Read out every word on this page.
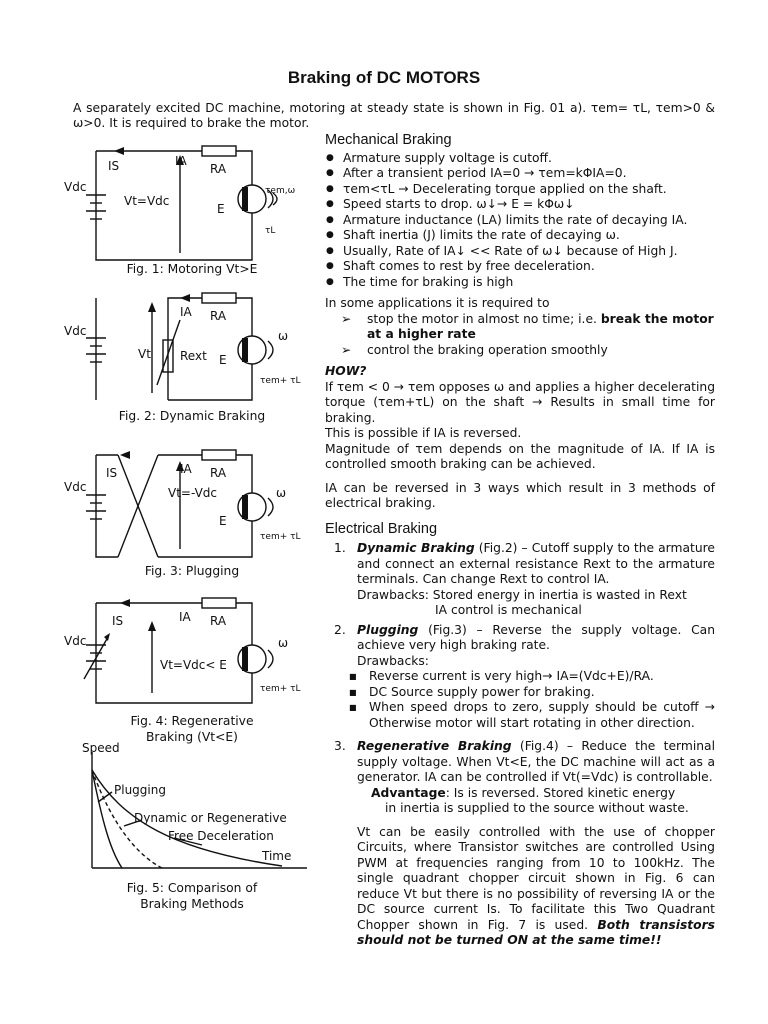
Braking of DC MOTORS
A separately excited DC machine, motoring at steady state is shown in Fig. 01 a). τem= τL, τem>0 & ω>0. It is required to brake the motor.
IS	IA
RA
Vdc
Vt=Vdc
E
τem,ω
τL
Fig. 1: Motoring Vt>E
IA RA
Vdc
Vt Rext E
ω
τem+ τL
Fig. 2: Dynamic Braking
IS	IA RA
Vdc	Vt=-Vdc
E
ω
τem+ τL
Fig. 3: Plugging
IS	IA RA
Vdc
Vt=Vdc< E
ω
τem+ τL
Fig. 4: Regenerative
Braking (Vt<E)
Speed
Time
Plugging
Dynamic or Regenerative
Free Deceleration
Fig. 5: Comparison of
Braking Methods
Mechanical Braking
● Armature supply voltage is cutoff.
● After a transient period IA=0 → τem=kΦIA=0.
● τem<τL → Decelerating torque applied on the shaft.
● Speed starts to drop. ω↓→ E = kΦω↓
● Armature inductance (LA) limits the rate of decaying IA.
● Shaft inertia (J) limits the rate of decaying ω.
● Usually, Rate of IA↓ << Rate of ω↓ because of High J.
● Shaft comes to rest by free deceleration.
● The time for braking is high
In some applications it is required to
➢ stop the motor in almost no time; i.e. break the motor at a higher rate
➢ control the braking operation smoothly
HOW?
If τem < 0 → τem opposes ω and applies a higher decelerating torque (τem+τL) on the shaft → Results in small time for braking.
This is possible if IA is reversed.
Magnitude of τem depends on the magnitude of IA. If IA is controlled smooth braking can be achieved.
IA can be reversed in 3 ways which result in 3 methods of electrical braking.
Electrical Braking
1. Dynamic Braking (Fig.2) – Cutoff supply to the armature and connect an external resistance Rext to the armature terminals. Can change Rext to control IA.
Drawbacks: Stored energy in inertia is wasted in Rext
IA control is mechanical
2. Plugging (Fig.3) – Reverse the supply voltage. Can achieve very high braking rate.
Drawbacks:
■ Reverse current is very high→ IA=(Vdc+E)/RA.
■ DC Source supply power for braking.
■ When speed drops to zero, supply should be cutoff → Otherwise motor will start rotating in other direction.
3. Regenerative Braking (Fig.4) – Reduce the terminal supply voltage. When Vt<E, the DC machine will act as a generator. IA can be controlled if Vt(=Vdc) is controllable.
Advantage: Is is reversed. Stored kinetic energy
in inertia is supplied to the source without waste.
Vt can be easily controlled with the use of chopper Circuits, where Transistor switches are controlled Using PWM at frequencies ranging from 10 to 100kHz. The single quadrant chopper circuit shown in Fig. 6 can reduce Vt but there is no possibility of reversing IA or the DC source current Is. To facilitate this Two Quadrant Chopper shown in Fig. 7 is used. Both transistors should not be turned ON at the same time!!
